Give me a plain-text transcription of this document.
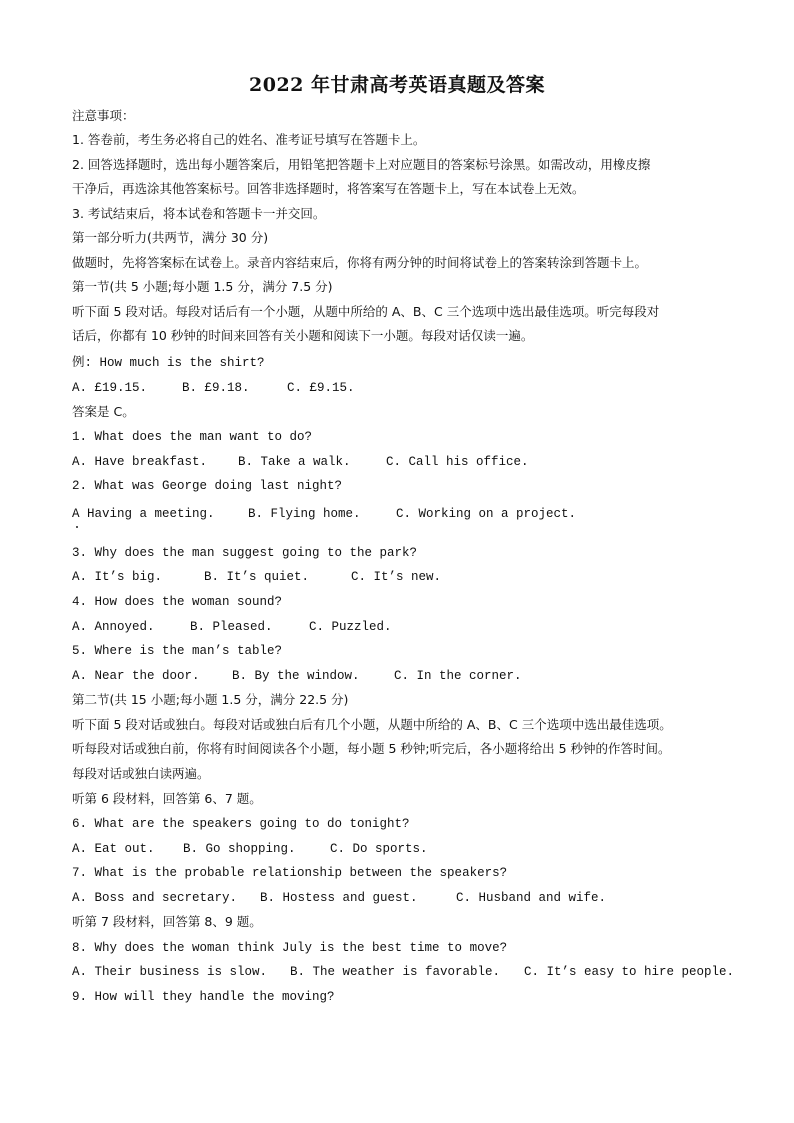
2022 年甘肃高考英语真题及答案
注意事项：
1. 答卷前，考生务必将自己的姓名、准考证号填写在答题卡上。
2. 回答选择题时，选出每小题答案后，用铅笔把答题卡上对应题目的答案标号涂黑。如需改动，用橡皮擦
干净后，再选涂其他答案标号。回答非选择题时，将答案写在答题卡上，写在本试卷上无效。
3. 考试结束后，将本试卷和答题卡一并交回。
第一部分听力(共两节，满分 30 分)
做题时，先将答案标在试卷上。录音内容结束后，你将有两分钟的时间将试卷上的答案转涂到答题卡上。
第一节(共 5 小题;每小题 1.5 分，满分 7.5 分)
听下面 5 段对话。每段对话后有一个小题，从题中所给的 A、B、C 三个选项中选出最佳选项。听完每段对
话后，你都有 10 秒钟的时间来回答有关小题和阅读下一小题。每段对话仅读一遍。
例: How much is the shirt?
A. £19.15.	B. £9.18.	C. £9.15.
答案是 C。
1. What does the man want to do?
A. Have breakfast. B. Take a walk.	C. Call his office.
2. What was George doing last night?
A Having a meeting.	B. Flying home.	C. Working on a project.
3. Why does the man suggest going to the park?
A. It’s big.	B. It’s quiet.	C. It’s new.
4. How does the woman sound?
A. Annoyed.	B. Pleased.	C. Puzzled.
5. Where is the man’s table?
A. Near the door.	B. By the window.	C. In the corner.
第二节(共 15 小题;每小题 1.5 分，满分 22.5 分)
听下面 5 段对话或独白。每段对话或独白后有几个小题，从题中所给的 A、B、C 三个选项中选出最佳选项。
听每段对话或独白前，你将有时间阅读各个小题，每小题 5 秒钟;听完后，各小题将给出 5 秒钟的作答时间。
每段对话或独白读两遍。
听第 6 段材料，回答第 6、7 题。
6. What are the speakers going to do tonight?
A. Eat out. B. Go shopping.	C. Do sports.
7. What is the probable relationship between the speakers?
A. Boss and secretary. B. Hostess and guest.	C. Husband and wife.
听第 7 段材料，回答第 8、9 题。
8. Why does the woman think July is the best time to move?
A. Their business is slow. B. The weather is favorable. C. It’s easy to hire people.
9. How will they handle the moving?
